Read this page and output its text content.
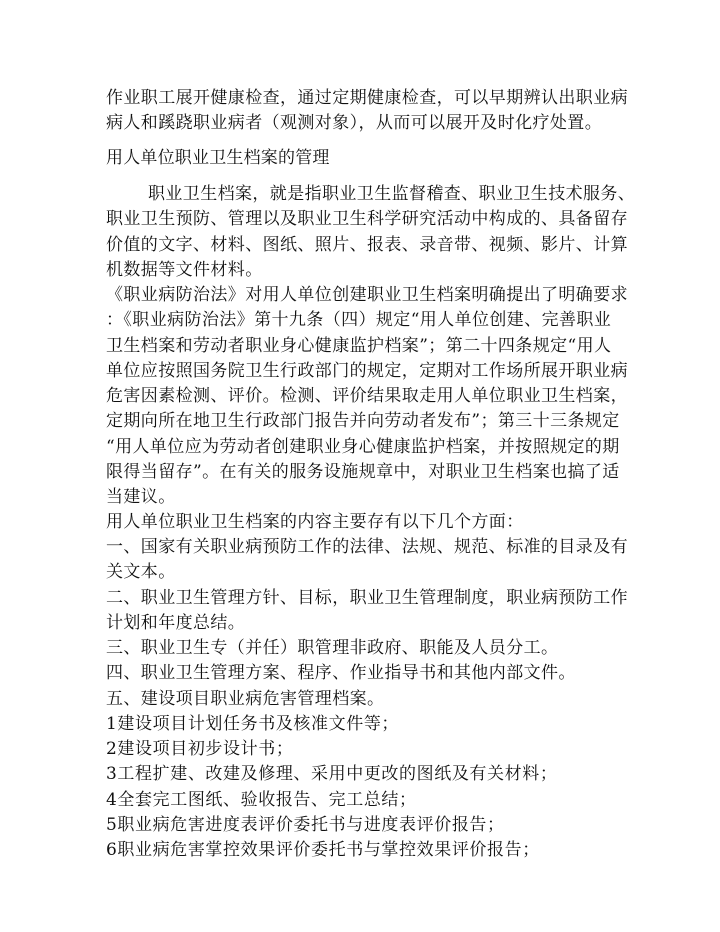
作业职工展开健康检查，通过定期健康检查，可以早期辨认出职业病
病人和蹊跷职业病者（观测对象），从而可以展开及时化疗处置。
用人单位职业卫生档案的管理
职业卫生档案，就是指职业卫生监督稽查、职业卫生技术服务、
职业卫生预防、管理以及职业卫生科学研究活动中构成的、具备留存
价值的文字、材料、图纸、照片、报表、录音带、视频、影片、计算
机数据等文件材料。
《职业病防治法》对用人单位创建职业卫生档案明确提出了明确要求
：《职业病防治法》第十九条（四）规定“用人单位创建、完善职业
卫生档案和劳动者职业身心健康监护档案”；第二十四条规定“用人
单位应按照国务院卫生行政部门的规定，定期对工作场所展开职业病
危害因素检测、评价。检测、评价结果取走用人单位职业卫生档案，
定期向所在地卫生行政部门报告并向劳动者发布”；第三十三条规定
“用人单位应为劳动者创建职业身心健康监护档案，并按照规定的期
限得当留存”。在有关的服务设施规章中，对职业卫生档案也搞了适
当建议。
用人单位职业卫生档案的内容主要存有以下几个方面：
一、国家有关职业病预防工作的法律、法规、规范、标准的目录及有
关文本。
二、职业卫生管理方针、目标，职业卫生管理制度，职业病预防工作
计划和年度总结。
三、职业卫生专（并任）职管理非政府、职能及人员分工。
四、职业卫生管理方案、程序、作业指导书和其他内部文件。
五、建设项目职业病危害管理档案。
1建设项目计划任务书及核准文件等；
2建设项目初步设计书；
3工程扩建、改建及修理、采用中更改的图纸及有关材料；
4全套完工图纸、验收报告、完工总结；
5职业病危害进度表评价委托书与进度表评价报告；
6职业病危害掌控效果评价委托书与掌控效果评价报告；
